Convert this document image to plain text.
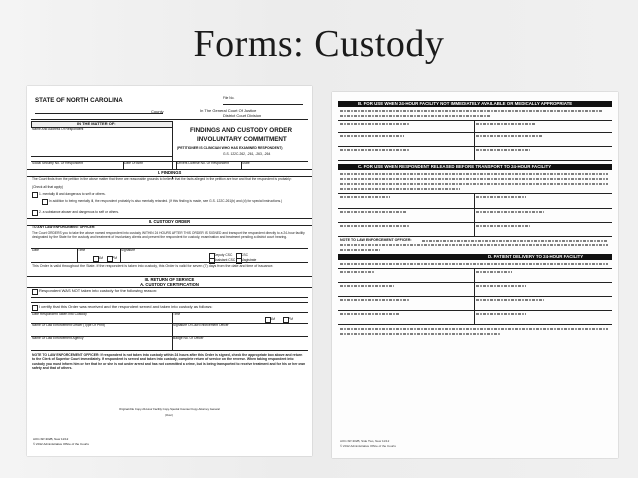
Forms: Custody
STATE OF NORTH CAROLINA	File No.
County	In The General Court Of Justice
District Court Division
IN THE MATTER OF:
Name And Address Of Respondent	FINDINGS AND CUSTODY ORDER
INVOLUNTARY COMMITMENT
(PETITIONER IS CLINICIAN WHO HAS EXAMINED RESPONDENT)
G.S. 122C-262, -261, -263, -264
Social Security No. Of Respondent	Date Of Birth	Drivers License No. Of Respondent	State
I. FINDINGS
The Court finds from the petition in the above matter that there are reasonable grounds to believe that the facts alleged in the petition are true and that the respondent is probably:
(Check all that apply)
1. mentally ill and dangerous to self or others.
In addition to being mentally ill, the respondent probably is also mentally retarded. (If this finding is made, see G.S. 122C-261(b) and (d) for special instructions.)
2. a substance abuser and dangerous to self or others.
II. CUSTODY ORDER
TO ANY LAW ENFORCEMENT OFFICER:
The Court ORDERS you to take the above named respondent into custody WITHIN 24 HOURS AFTER THIS ORDER IS SIGNED and transport the respondent directly to a 24-hour facility designated by the State for the custody and treatment of involuntary clients and present the respondent for custody, examination and treatment pending a district court hearing.
Date	Time
AM	PM
Signature
Deputy CSC	CSC
Assistant CSC Magistrate
This Order is valid throughout the State. If the respondent is taken into custody, this Order is valid for seven (7) days from the date and time of issuance.
III. RETURN OF SERVICE
A. CUSTODY CERTIFICATION
Respondent WAS NOT taken into custody for the following reason:
I certify that this Order was received and the respondent served and taken into custody as follows:
Date Respondent Taken Into Custody	Time
AM	PM
Name Of Law Enforcement Officer (Type Or Print)	Signature Of Law Enforcement Officer
Name Of Law Enforcement Agency	Badge No. Of Officer
NOTE TO LAW ENFORCEMENT OFFICER: If respondent is not taken into custody within 24 hours after this Order is signed, check the appropriate box above and return to the Clerk of Superior Court immediately. If respondent is served and taken into custody, complete return of service on the reverse. When taking respondent into custody you must inform him or her that he or she is not under arrest and has not committed a crime, but is being transported to receive treatment and for his or her own safety and that of others.
Original-File Copy-24-Hour Facility Copy-Special Counsel Copy-Attorney General
(Over)
AOC-SP-302B, New 11/12
© 2012 Administrative Office of the Courts
B. FOR USE WHEN 24-HOUR FACILITY NOT IMMEDIATELY AVAILABLE OR MEDICALLY APPROPRIATE
C. FOR USE WHEN RESPONDENT RELEASED BEFORE TRANSPORT TO 24-HOUR FACILITY
NOTE TO LAW ENFORCEMENT OFFICER:
D. PATIENT DELIVERY TO 24-HOUR FACILITY
AOC-SP-302B, Side Two, New 11/12
© 2012 Administrative Office of the Courts
